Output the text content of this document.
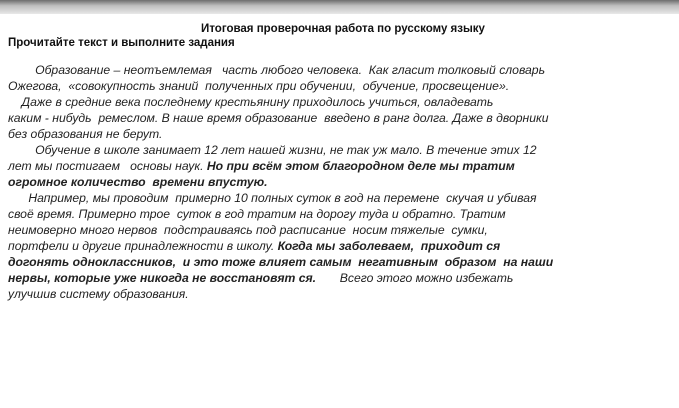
Итоговая проверочная работа по русскому языку

Прочитайте текст и выполните задания

Образование – неотъемлемая   часть любого человека.  Как гласит толковый словарь
Ожегова,  «совокупность знаний  полученных при обучении,  обучение, просвещение».
Даже в средние века последнему крестьянину приходилось учиться, овладевать
каким - нибудь  ремеслом. В наше время образование  введено в ранг долга. Даже в дворники
без образования не берут.
Обучение в школе занимает 12 лет нашей жизни, не так уж мало. В течение этих 12
лет мы постигаем   основы наук. Но при всём этом благородном деле мы тратим
огромное количество  времени впустую.
Например, мы проводим  примерно 10 полных суток в год на перемене  скучая и убивая
своё время. Примерно трое  суток в год тратим на дорогу туда и обратно. Тратим
неимоверно много нервов  подстраиваясь под расписание  носим тяжелые  сумки,
портфели и другие принадлежности в школу. Когда мы заболеваем,  приходит ся
догонять одноклассников,  и это тоже влияет самым  негативным  образом  на наши
нервы, которые уже никогда не восстановят ся.       Всего этого можно избежать
улучшив систему образования.
